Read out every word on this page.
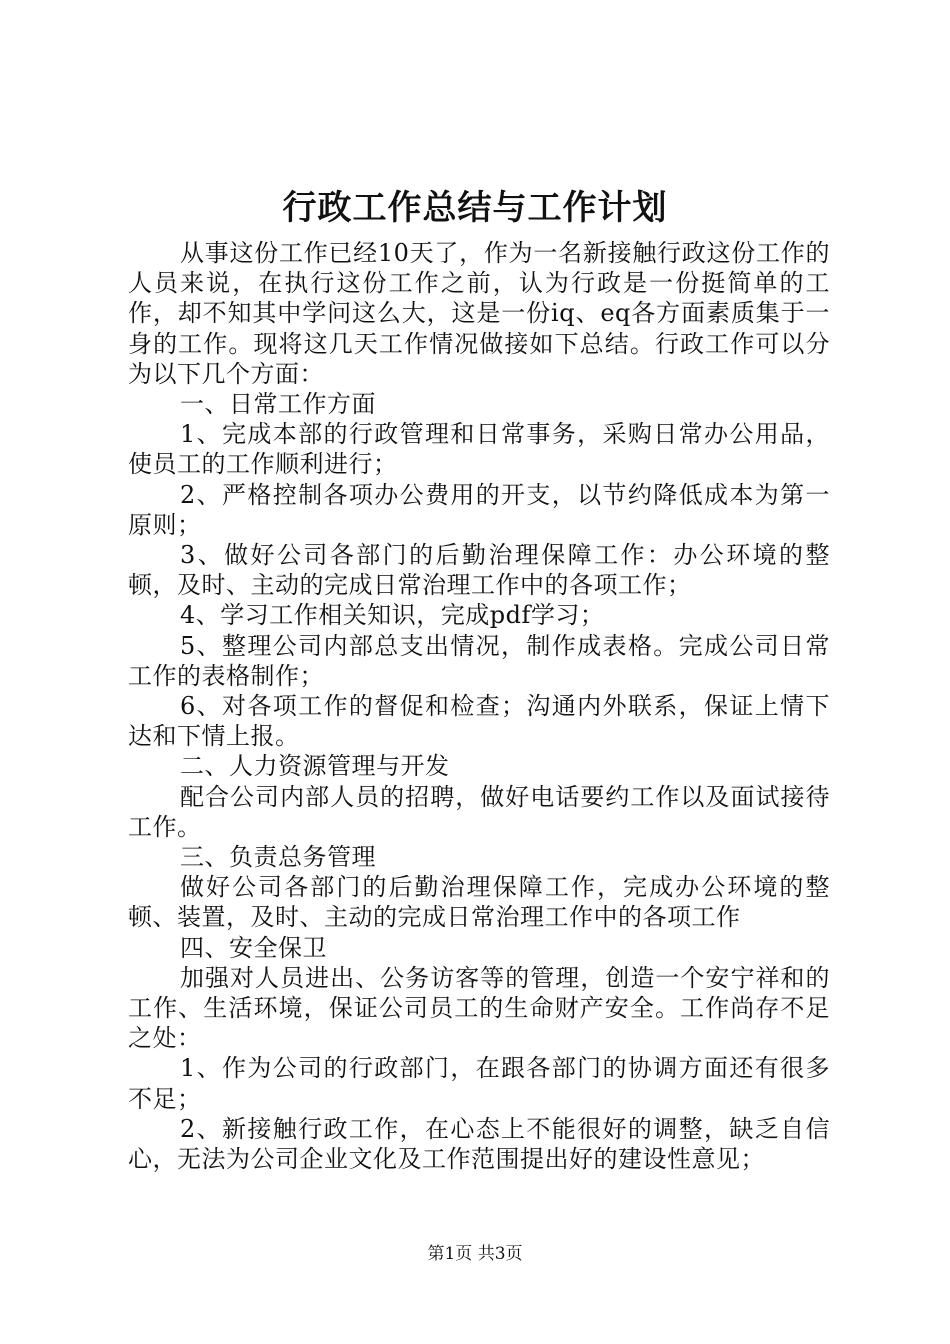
行政工作总结与工作计划

从事这份工作已经10天了，作为一名新接触行政这份工作的人员来说，在执行这份工作之前，认为行政是一份挺简单的工作，却不知其中学问这么大，这是一份iq、eq各方面素质集于一身的工作。现将这几天工作情况做接如下总结。行政工作可以分为以下几个方面：

一、日常工作方面

1、完成本部的行政管理和日常事务，采购日常办公用品，使员工的工作顺利进行；

2、严格控制各项办公费用的开支，以节约降低成本为第一原则；

3、做好公司各部门的后勤治理保障工作：办公环境的整顿，及时、主动的完成日常治理工作中的各项工作；

4、学习工作相关知识，完成pdf学习；

5、整理公司内部总支出情况，制作成表格。完成公司日常工作的表格制作；

6、对各项工作的督促和检查；沟通内外联系，保证上情下达和下情上报。

二、人力资源管理与开发

配合公司内部人员的招聘，做好电话要约工作以及面试接待工作。

三、负责总务管理

做好公司各部门的后勤治理保障工作，完成办公环境的整顿、装置，及时、主动的完成日常治理工作中的各项工作

四、安全保卫

加强对人员进出、公务访客等的管理，创造一个安宁祥和的工作、生活环境，保证公司员工的生命财产安全。工作尚存不足之处：

1、作为公司的行政部门，在跟各部门的协调方面还有很多不足；

2、新接触行政工作，在心态上不能很好的调整，缺乏自信心，无法为公司企业文化及工作范围提出好的建设性意见；

第1页 共3页
